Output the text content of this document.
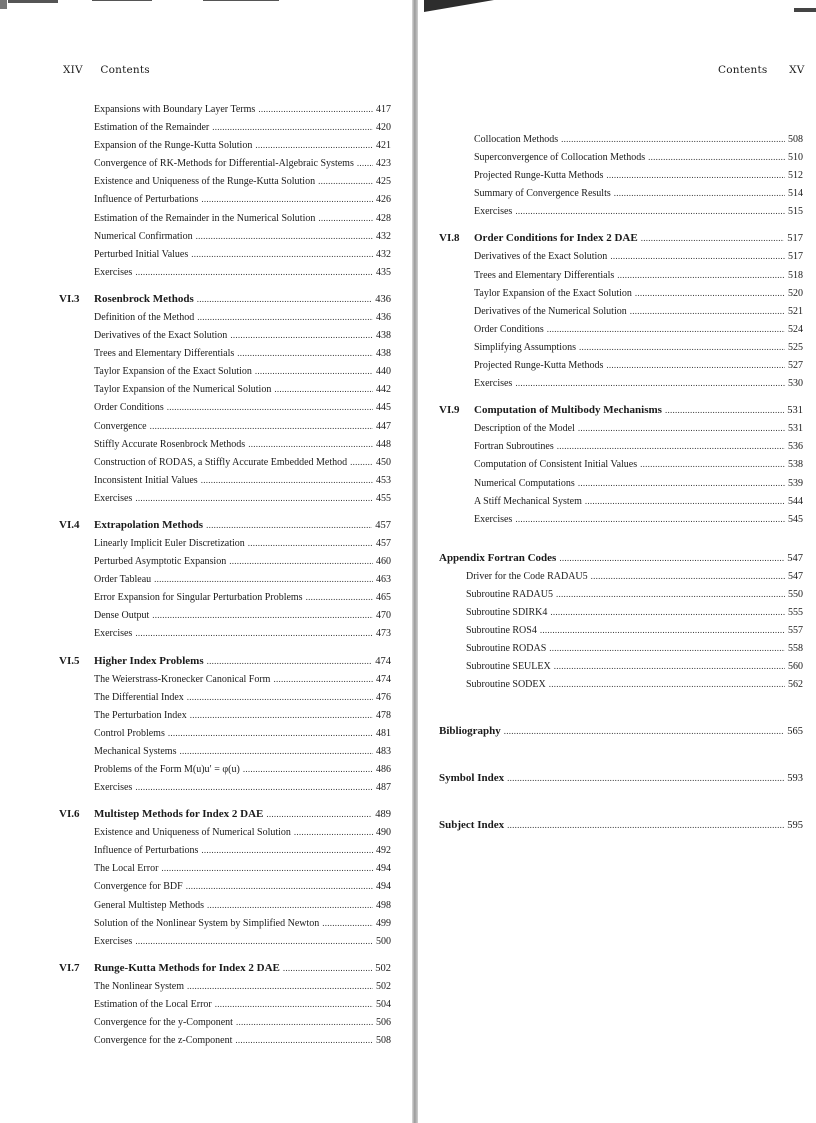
XIV Contents
Expansions with Boundary Layer Terms . . .	417
Estimation of the Remainder . . .	420
Expansion of the Runge-Kutta Solution . . .	421
Convergence of RK-Methods for Differential-Algebraic Systems . . . 423
Existence and Uniqueness of the Runge-Kutta Solution . . .	425
Influence of Perturbations . . .	426
Estimation of the Remainder in the Numerical Solution . . .	428
Numerical Confirmation . . .	432
Perturbed Initial Values . . .	432
Exercises . . .	435
VI.3	Rosenbrock Methods . . .	436
Definition of the Method . . .	436
Derivatives of the Exact Solution . . .	438
Trees and Elementary Differentials . . .	438
Taylor Expansion of the Exact Solution . . .	440
Taylor Expansion of the Numerical Solution . . .	442
Order Conditions . . .	445
Convergence . . .	447
Stiffly Accurate Rosenbrock Methods . . .	448
Construction of RODAS, a Stiffly Accurate Embedded Method . . .	450
Inconsistent Initial Values . . .	453
Exercises . . .	455
VI.4	Extrapolation Methods . . .	457
Linearly Implicit Euler Discretization . . .	457
Perturbed Asymptotic Expansion . . .	460
Order Tableau . . .	463
Error Expansion for Singular Perturbation Problems . . .	465
Dense Output . . .	470
Exercises . . .	473
VI.5	Higher Index Problems . . .	474
The Weierstrass-Kronecker Canonical Form . . .	474
The Differential Index . . .	476
The Perturbation Index . . .	478
Control Problems . . .	481
Mechanical Systems . . .	483
Problems of the Form M(u)u′ = φ(u) . . .	486
Exercises . . .	487
VI.6	Multistep Methods for Index 2 DAE . . .	489
Existence and Uniqueness of Numerical Solution . . .	490
Influence of Perturbations . . .	492
The Local Error . . .	494
Convergence for BDF . . .	494
General Multistep Methods . . .	498
Solution of the Nonlinear System by Simplified Newton . . .	499
Exercises . . .	500
VI.7	Runge-Kutta Methods for Index 2 DAE . . .	502
The Nonlinear System . . .	502
Estimation of the Local Error . . .	504
Convergence for the y-Component . . .	506
Convergence for the z-Component . . .	508
Contents XV
Collocation Methods . . .	508
Superconvergence of Collocation Methods . . .	510
Projected Runge-Kutta Methods . . .	512
Summary of Convergence Results . . .	514
Exercises . . .	515
VI.8	Order Conditions for Index 2 DAE . . .	517
Derivatives of the Exact Solution . . .	517
Trees and Elementary Differentials . . .	518
Taylor Expansion of the Exact Solution . . .	520
Derivatives of the Numerical Solution . . .	521
Order Conditions . . .	524
Simplifying Assumptions . . .	525
Projected Runge-Kutta Methods . . .	527
Exercises . . .	530
VI.9	Computation of Multibody Mechanisms . . .	531
Description of the Model . . .	531
Fortran Subroutines . . .	536
Computation of Consistent Initial Values . . .	538
Numerical Computations . . .	539
A Stiff Mechanical System . . .	544
Exercises . . .	545
Appendix Fortran Codes . . .	547
Driver for the Code RADAU5 . . .	547
Subroutine RADAU5 . . .	550
Subroutine SDIRK4 . . .	555
Subroutine ROS4 . . .	557
Subroutine RODAS . . .	558
Subroutine SEULEX . . .	560
Subroutine SODEX . . .	562
Bibliography . . .	565
Symbol Index . . .	593
Subject Index . . .	595
